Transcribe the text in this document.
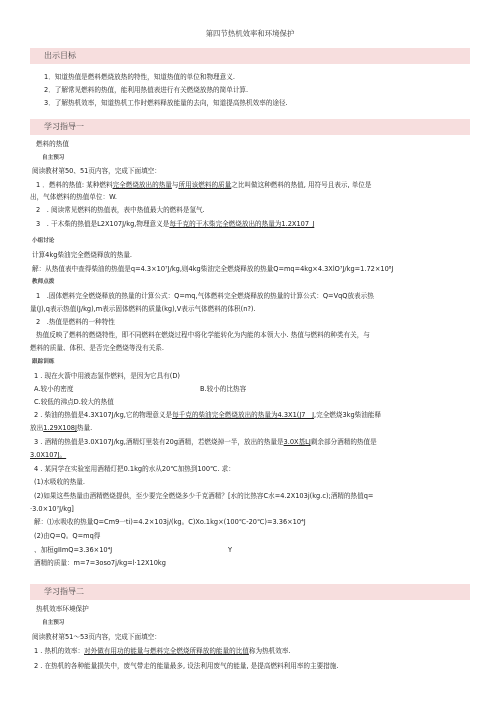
第四节热机效率和环境保护
出示目标
1．知道热值是燃料燃烧放热的特性，知道热值的单位和物理意义.
2．了解常见燃料的热值，能利用热值表进行有关燃烧放热的简单计算.
3．了解热机效率，知道热机工作时燃料释放能量的去向，知道提高热机效率的途径.
学习指导一
燃料的热值
自主预习
阅读教材第50、51页内容，完成下面填空：
1 ．燃料的热值: 某种燃料完全燃烧放出的热量与所用该燃料的质量之比叫做这种燃料的热值, 用符号且表示, 单位是
出，气体燃料的热值单位：W.
2　. 阅读常见燃料的热值表，表中热值最大的燃料是氢气.
3　. 干木柴的热值是L2X107J/kg,物理意义是每千克的干木柴完全燃烧放出的热量为1.2X107_J
小组讨论
计算4kg柴油完全燃烧释放的热量.
解：从热值表中查得柴油的热值是q=4.3×10⁷J/kg,则4kg柴油完全燃烧释放的热量Q=mq=4kg×4.3XlO⁷J/kg=1.72×10⁸J
教师点拨
1　.固体燃料完全燃烧释放的热量的计算公式：Q=mq,气体燃料完全燃烧释放的热量的计算公式：Q=VqQ放表示热
量(J),q表示热值(J/kg),m表示固体燃料的质量(kg),V表示气体燃料的体积(n?).
2　.热值是燃料的一种特性
热值反映了燃料的燃烧特性，即不同燃料在燃烧过程中将化学能转化为内能的本领大小. 热值与燃料的种类有关，与
燃料的质量、体积、是否完全燃烧等没有关系.
跟踪训练
1 . 现在火箭中用液态氢作燃料，是因为它具有(D)
A.较小的密度	B.较小的比热容
C.较低的沸点D.较大的热值
2 . 柴油的热值是4.3X107J/kg,它的物理意义是每千克的柴油完全燃烧放出的热量为4.3X1(J7__J,完全燃烧3kg柴油能释
放出1.29X108J热量.
3 . 酒精的热值是3.0X107J/kg,酒精灯里装有20g酒精，若燃烧掉一半，放出的热量是3.0X基LJ剩余部分酒精的热值是
3.0X107J。
4 . 某同学在实验室用酒精灯把0.1kg的水从20℃加热到100℃. 求：
(1)水吸收的热量.
(2)如果这些热量由酒精燃烧提供，至少要完全燃烧多少千克酒精？[水的比热容C水=4.2X103j(kg.c);酒精的热值q=
·3.0×10⁷J/kg]
解：⑴水吸收的热量Q=Cm9一ti)=4.2×103j/(kg。C)Xo.1kg×(100℃-20℃)=3.36×10⁴J
(2)由Q=Q。Q=mq得
、加桓gIImQ=3.36×10⁴J	Y
酒精的质量：m=7=3oso7j/kg=l·12X10kg
学习指导二
热机效率环境保护
自主预习
阅读教材第51～53页内容，完成下面填空：
1 . 热机的效率：对外做有用功的能量与燃料完全燃烧所释放的能量的比值称为热机效率.
2 . 在热机的各种能量损失中，废气带走的能量最多, 设法利用废气的能量, 是提高燃料利用率的主要措施.
